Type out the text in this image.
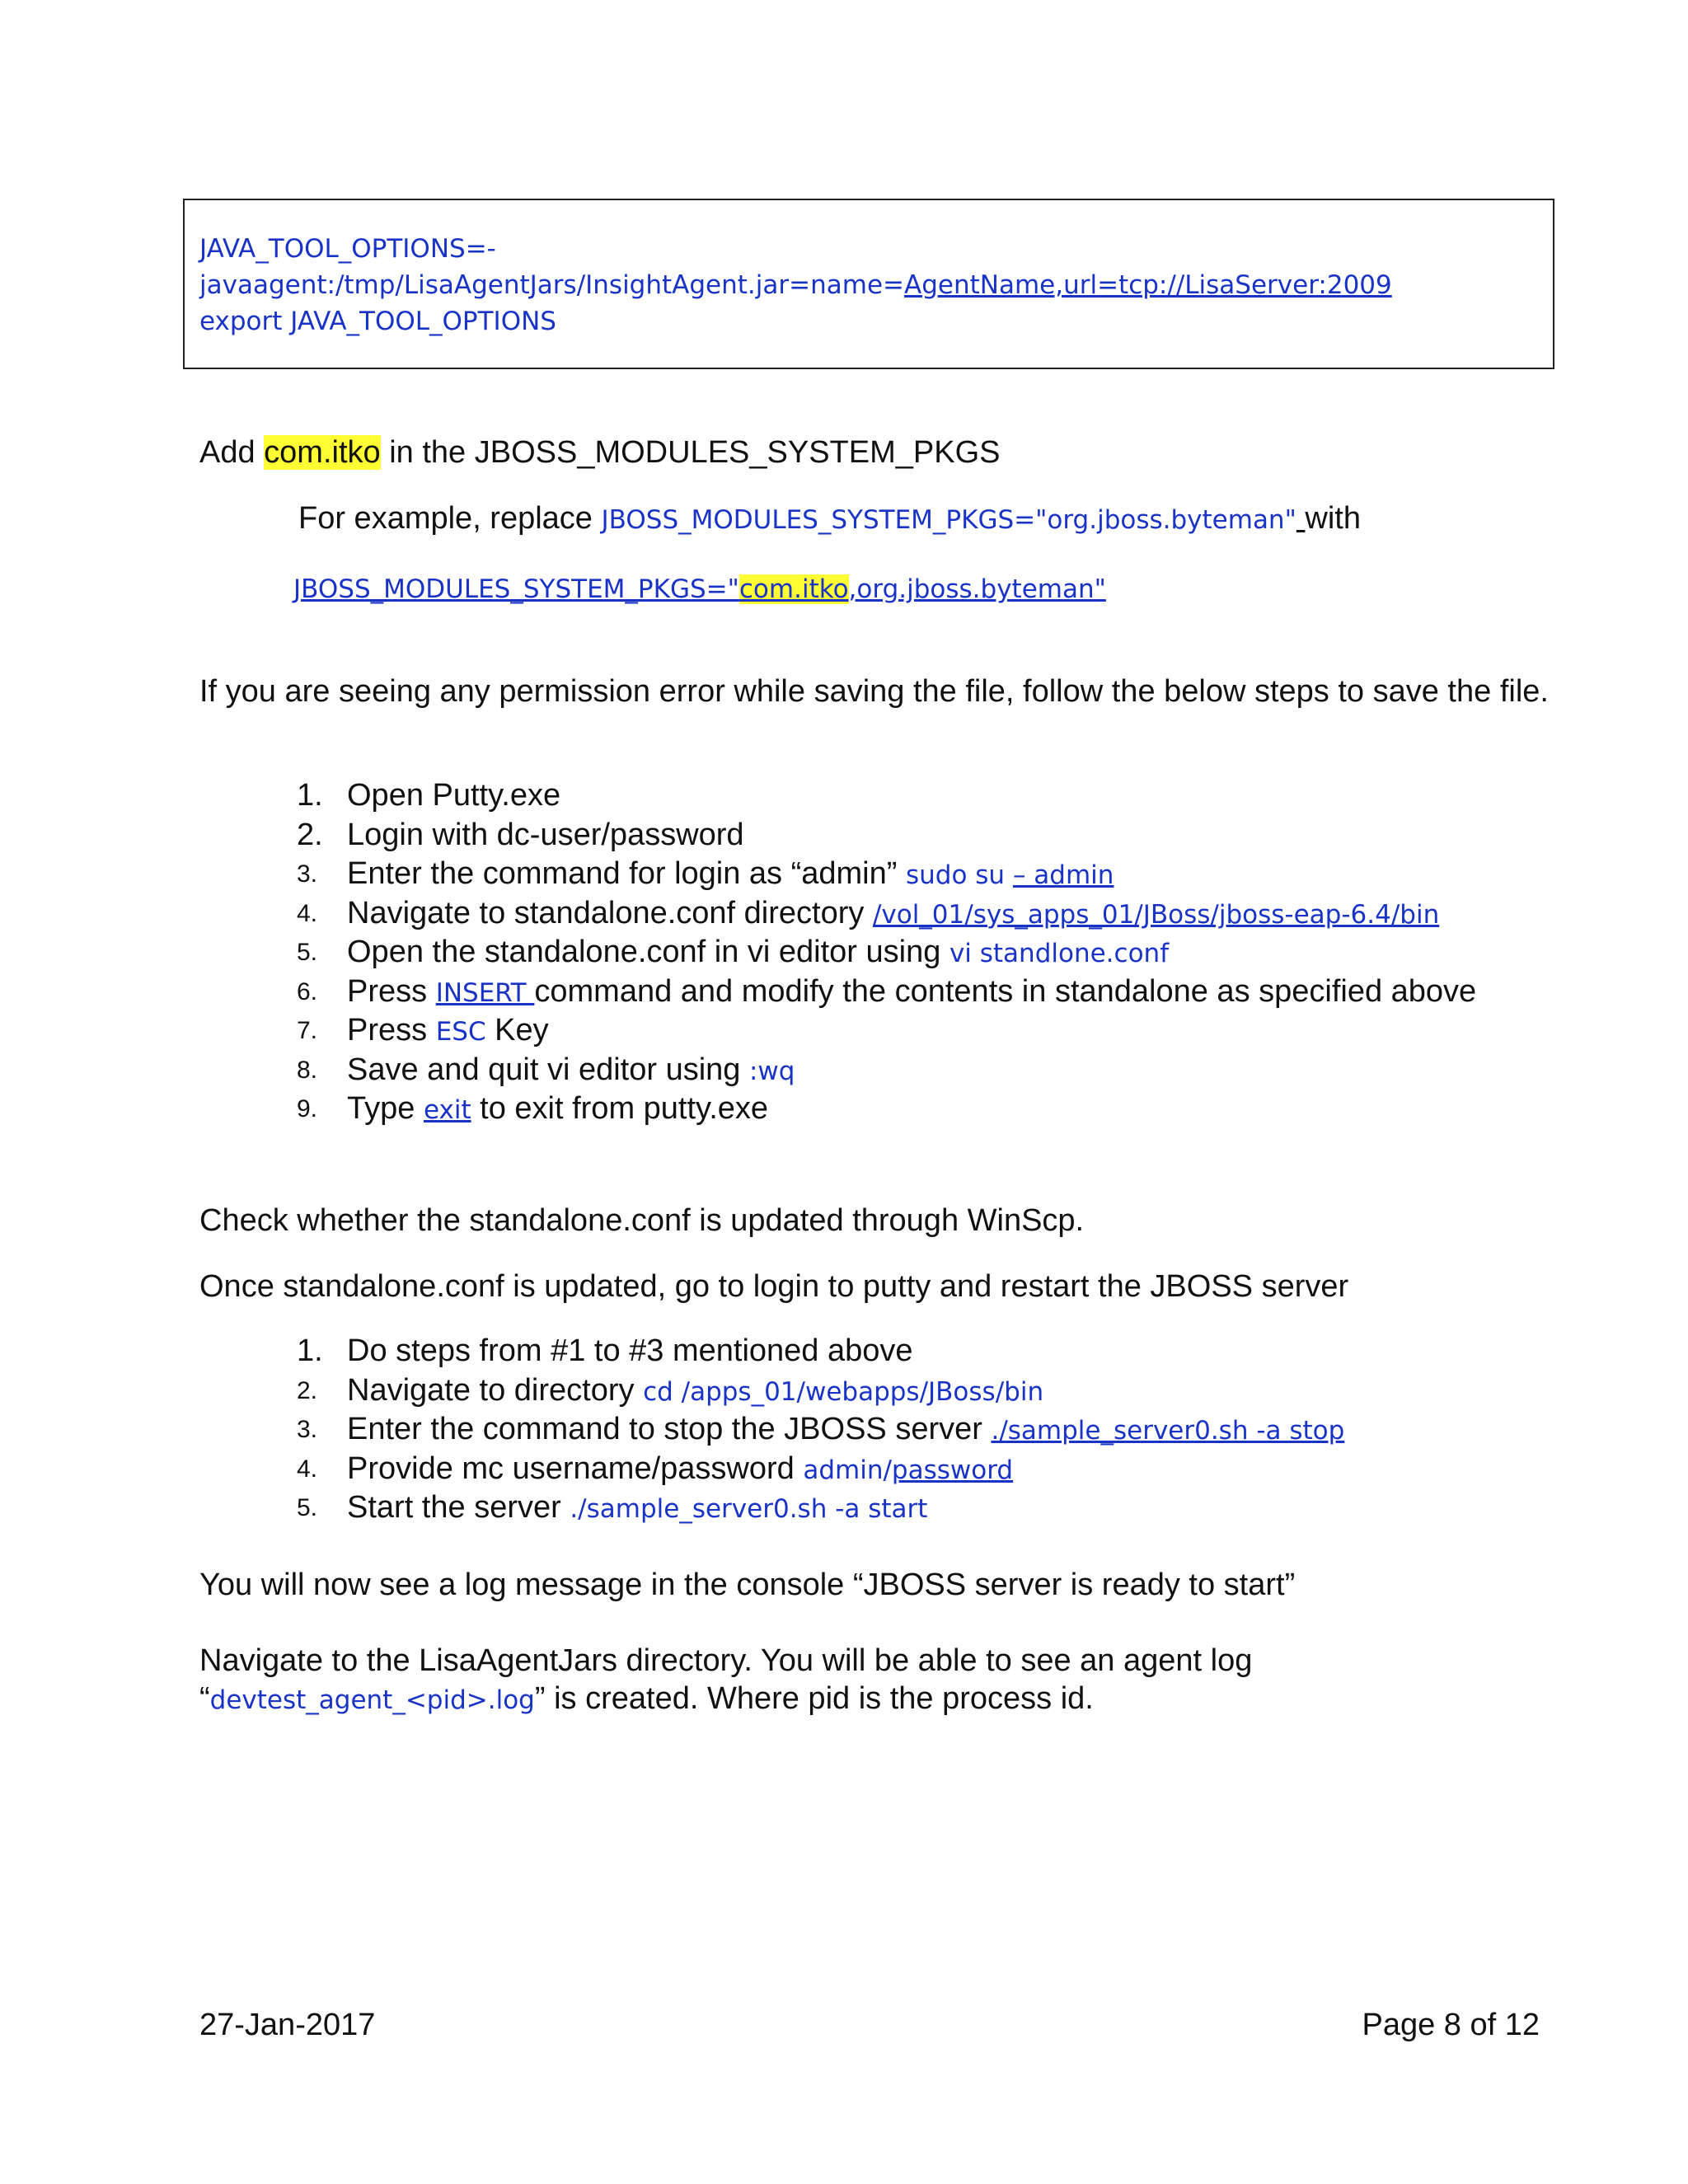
JAVA_TOOL_OPTIONS=-
javaagent:/tmp/LisaAgentJars/InsightAgent.jar=name=AgentName,url=tcp://LisaServer:2009
export JAVA_TOOL_OPTIONS
Add com.itko in the JBOSS_MODULES_SYSTEM_PKGS
For example, replace JBOSS_MODULES_SYSTEM_PKGS="org.jboss.byteman" with
JBOSS_MODULES_SYSTEM_PKGS="com.itko,org.jboss.byteman"
If you are seeing any permission error while saving the file, follow the below steps to save the file.
1. Open Putty.exe
2. Login with dc-user/password
3. Enter the command for login as “admin” sudo su – admin
4. Navigate to standalone.conf directory /vol_01/sys_apps_01/JBoss/jboss-eap-6.4/bin
5. Open the standalone.conf in vi editor using vi standlone.conf
6. Press INSERT command and modify the contents in standalone as specified above
7. Press ESC Key
8. Save and quit vi editor using :wq
9. Type exit to exit from putty.exe
Check whether the standalone.conf is updated through WinScp.
Once standalone.conf is updated, go to login to putty and restart the JBOSS server
1. Do steps from #1 to #3 mentioned above
2. Navigate to directory cd /apps_01/webapps/JBoss/bin
3. Enter the command to stop the JBOSS server ./sample_server0.sh -a stop
4. Provide mc username/password admin/password
5. Start the server ./sample_server0.sh -a start
You will now see a log message in the console “JBOSS server is ready to start”
Navigate to the LisaAgentJars directory. You will be able to see an agent log
“devtest_agent_<pid>.log” is created. Where pid is the process id.
27-Jan-2017	Page 8 of 12
